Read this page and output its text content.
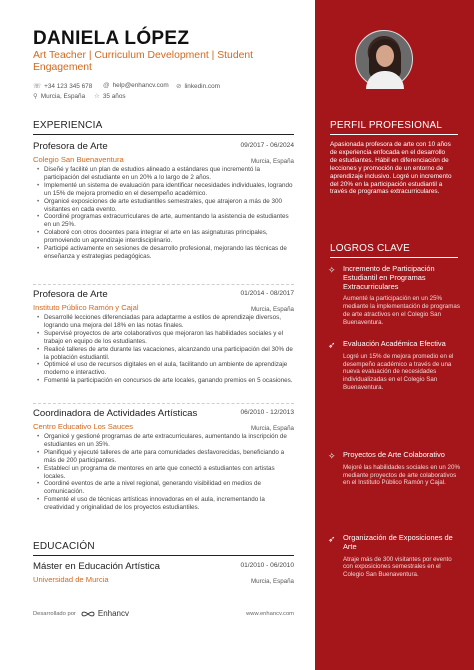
DANIELA LÓPEZ
Art Teacher | Curriculum Development | Student Engagement
☏ +34 123 345 678 @ help@enhancv.com ⊘ linkedin.com
⚲ Murcia, España ☆ 35 años
EXPERIENCIA
Profesora de Arte	09/2017 - 06/2024
Colegio San Buenaventura	Murcia, España
• Diseñé y facilité un plan de estudios alineado a estándares que incrementó la participación del estudiante en un 20% a lo largo de 2 años.
• Implementé un sistema de evaluación para identificar necesidades individuales, logrando un 15% de mejora promedio en el desempeño académico.
• Organicé exposiciones de arte estudiantiles semestrales, que atrajeron a más de 300 visitantes en cada evento.
• Coordiné programas extracurriculares de arte, aumentando la asistencia de estudiantes en un 25%.
• Colaboré con otros docentes para integrar el arte en las asignaturas principales, promoviendo un aprendizaje interdisciplinario.
• Participé activamente en sesiones de desarrollo profesional, mejorando las técnicas de enseñanza y estrategias pedagógicas.
Profesora de Arte	01/2014 - 08/2017
Instituto Público Ramón y Cajal	Murcia, España
• Desarrollé lecciones diferenciadas para adaptarme a estilos de aprendizaje diversos, logrando una mejora del 18% en las notas finales.
• Supervisé proyectos de arte colaborativos que mejoraron las habilidades sociales y el trabajo en equipo de los estudiantes.
• Realicé talleres de arte durante las vacaciones, alcanzando una participación del 30% de la población estudiantil.
• Optimicé el uso de recursos digitales en el aula, facilitando un ambiente de aprendizaje moderno e interactivo.
• Fomenté la participación en concursos de arte locales, ganando premios en 5 ocasiones.
Coordinadora de Actividades Artísticas	06/2010 - 12/2013
Centro Educativo Los Sauces	Murcia, España
• Organicé y gestioné programas de arte extracurriculares, aumentando la inscripción de estudiantes en un 35%.
• Planifiqué y ejecuté talleres de arte para comunidades desfavorecidas, beneficiando a más de 200 participantes.
• Establecí un programa de mentores en arte que conectó a estudiantes con artistas locales.
• Coordiné eventos de arte a nivel regional, generando visibilidad en medios de comunicación.
• Fomenté el uso de técnicas artísticas innovadoras en el aula, incrementando la creatividad y originalidad de los proyectos estudiantiles.
EDUCACIÓN
Máster en Educación Artística	01/2010 - 06/2010
Universidad de Murcia	Murcia, España
Desarrollado por	Enhancv	www.enhancv.com
PERFIL PROFESIONAL
Apasionada profesora de arte con 10 años de experiencia enfocada en el desarrollo de estudiantes. Hábil en diferenciación de lecciones y promoción de un entorno de aprendizaje inclusivo. Logré un incremento del 20% en la participación estudiantil a través de programas extracurriculares.
LOGROS CLAVE
✧ Incremento de Participación Estudiantil en Programas Extracurriculares
Aumenté la participación en un 25% mediante la implementación de programas de arte atractivos en el Colegio San Buenaventura.
➶ Evaluación Académica Efectiva
Logré un 15% de mejora promedio en el desempeño académico a través de una nueva evaluación de necesidades individualizadas en el Colegio San Buenaventura.
✧ Proyectos de Arte Colaborativo
Mejoré las habilidades sociales en un 20% mediante proyectos de arte colaborativos en el Instituto Público Ramón y Cajal.
➶ Organización de Exposiciones de Arte
Atraje más de 300 visitantes por evento con exposiciones semestrales en el Colegio San Buenaventura.
